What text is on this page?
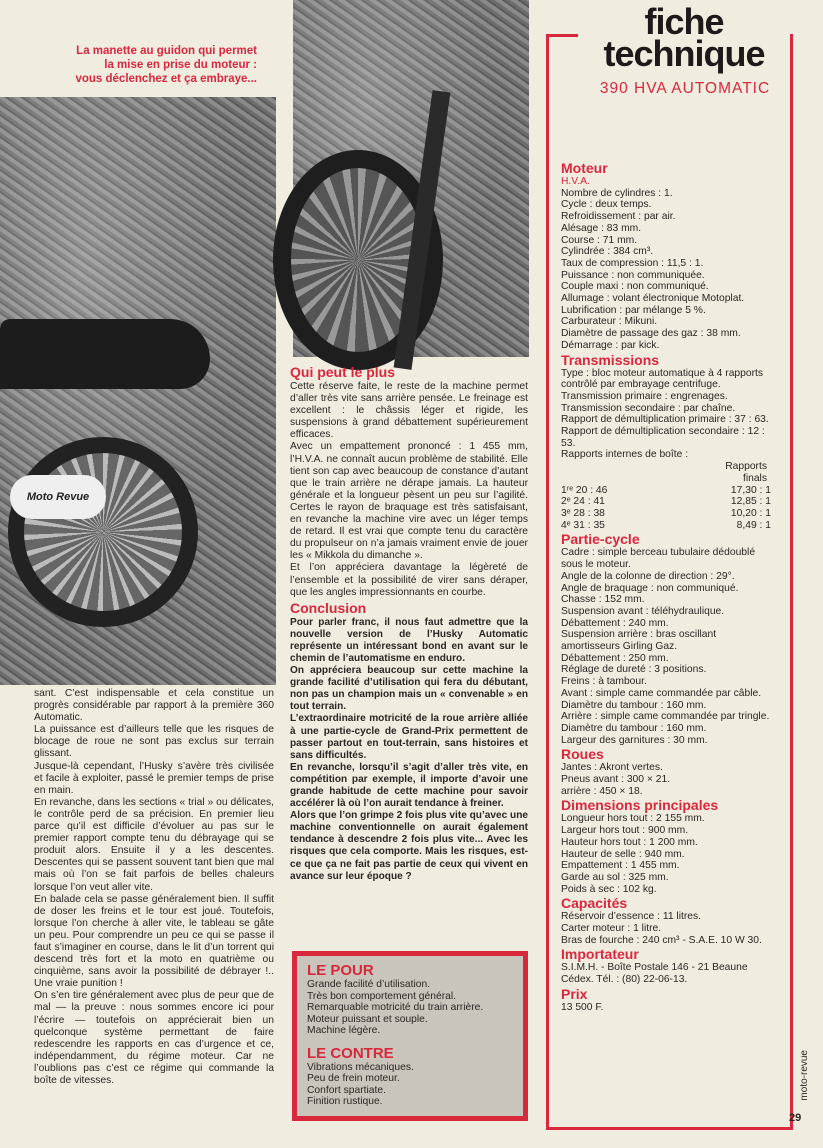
Moto Revue
La manette au guidon qui permet
la mise en prise du moteur :
vous déclenchez et ça embraye...
sant. C’est indispensable et cela constitue un progrès considérable par rapport à la première 360 Automatic.
La puissance est d’ailleurs telle que les risques de blocage de roue ne sont pas exclus sur terrain glissant.
Jusque-là cependant, l’Husky s’avère très civilisée et facile à exploiter, passé le premier temps de prise en main.
En revanche, dans les sections « trial » ou délicates, le contrôle perd de sa précision. En premier lieu parce qu’il est difficile d’évoluer au pas sur le premier rapport compte tenu du débrayage qui se produit alors. Ensuite il y a les descentes. Descentes qui se passent souvent tant bien que mal mais où l’on se fait parfois de belles chaleurs lorsque l’on veut aller vite.
En balade cela se passe généralement bien. Il suffit de doser les freins et le tour est joué. Toutefois, lorsque l’on cherche à aller vite, le tableau se gâte un peu. Pour comprendre un peu ce qui se passe il faut s’imaginer en course, dans le lit d’un torrent qui descend très fort et la moto en quatrième ou cinquième, sans avoir la possibilité de débrayer !.. Une vraie punition !
On s’en tire généralement avec plus de peur que de mal — la preuve : nous sommes encore ici pour l’écrire — toutefois on apprécierait bien un quelconque système permettant de faire redescendre les rapports en cas d’urgence et ce, indépendamment, du régime moteur. Car ne l’oublions pas c’est ce régime qui commande la boîte de vitesses.
Qui peut le plus
Cette réserve faite, le reste de la machine permet d’aller très vite sans arrière pensée. Le freinage est excellent : le châssis léger et rigide, les suspensions à grand débattement supérieurement efficaces.
Avec un empattement prononcé : 1 455 mm, l’H.V.A. ne connaît aucun problème de stabilité. Elle tient son cap avec beaucoup de constance d’autant que le train arrière ne dérape jamais. La hauteur générale et la longueur pèsent un peu sur l’agilité. Certes le rayon de braquage est très satisfaisant, en revanche la machine vire avec un léger temps de retard. Il est vrai que compte tenu du caractère du propulseur on n’a jamais vraiment envie de jouer les « Mikkola du dimanche ».
Et l’on appréciera davantage la légèreté de l’ensemble et la possibilité de virer sans déraper, que les angles impressionnants en courbe.
Conclusion
Pour parler franc, il nous faut admettre que la nouvelle version de l’Husky Automatic représente un intéressant bond en avant sur le chemin de l’automatisme en enduro.
On appréciera beaucoup sur cette machine la grande facilité d’utilisation qui fera du débutant, non pas un champion mais un « convenable » en tout terrain.
L’extraordinaire motricité de la roue arrière alliée à une partie-cycle de Grand-Prix permettent de passer partout en tout-terrain, sans histoires et sans difficultés.
En revanche, lorsqu’il s’agit d’aller très vite, en compétition par exemple, il importe d’avoir une grande habitude de cette machine pour savoir accélérer là où l’on aurait tendance à freiner.
Alors que l’on grimpe 2 fois plus vite qu’avec une machine conventionnelle on aurait également tendance à descendre 2 fois plus vite... Avec les risques que cela comporte. Mais les risques, est-ce que ça ne fait pas partie de ceux qui vivent en avance sur leur époque ?
LE POUR
Grande facilité d’utilisation.
Très bon comportement général.
Remarquable motricité du train arrière.
Moteur puissant et souple.
Machine légère.
LE CONTRE
Vibrations mécaniques.
Peu de frein moteur.
Confort spartiate.
Finition rustique.
fiche
technique
390 HVA AUTOMATIC
Moteur
H.V.A.
Nombre de cylindres : 1.
Cycle : deux temps.
Refroidissement : par air.
Alésage : 83 mm.
Course : 71 mm.
Cylindrée : 384 cm³.
Taux de compression : 11,5 : 1.
Puissance : non communiquée.
Couple maxi : non communiqué.
Allumage : volant électronique Motoplat.
Lubrification : par mélange 5 %.
Carburateur : Mikuni.
Diamètre de passage des gaz : 38 mm.
Démarrage : par kick.
Transmissions
Type : bloc moteur automatique à 4 rapports contrôlé par embrayage centrifuge.
Transmission primaire : engrenages.
Transmission secondaire : par chaîne.
Rapport de démultiplication primaire : 37 : 63.
Rapport de démultiplication secondaire : 12 : 53.
Rapports internes de boîte :
Rapports
finals
1ʳᵉ 20 : 46	17,30 : 1
2ᵉ 24 : 41	12,85 : 1
3ᵉ 28 : 38	10,20 : 1
4ᵉ 31 : 35	8,49 : 1
Partie-cycle
Cadre : simple berceau tubulaire dédoublé sous le moteur.
Angle de la colonne de direction : 29°.
Angle de braquage : non communiqué.
Chasse : 152 mm.
Suspension avant : téléhydraulique.
Débattement : 240 mm.
Suspension arrière : bras oscillant amortisseurs Girling Gaz.
Débattement : 250 mm.
Réglage de dureté : 3 positions.
Freins : à tambour.
Avant : simple came commandée par câble.
Diamètre du tambour : 160 mm.
Arrière : simple came commandée par tringle.
Diamètre du tambour : 160 mm.
Largeur des garnitures : 30 mm.
Roues
Jantes : Akront vertes.
Pneus avant : 300 × 21.
arrière : 450 × 18.
Dimensions principales
Longueur hors tout : 2 155 mm.
Largeur hors tout : 900 mm.
Hauteur hors tout : 1 200 mm.
Hauteur de selle : 940 mm.
Empattement : 1 455 mm.
Garde au sol : 325 mm.
Poids à sec : 102 kg.
Capacités
Réservoir d’essence : 11 litres.
Carter moteur : 1 litre.
Bras de fourche : 240 cm³ - S.A.E. 10 W 30.
Importateur
S.I.M.H. - Boîte Postale 146 - 21 Beaune Cédex. Tél. : (80) 22-06-13.
Prix
13 500 F.
moto-revue
29
